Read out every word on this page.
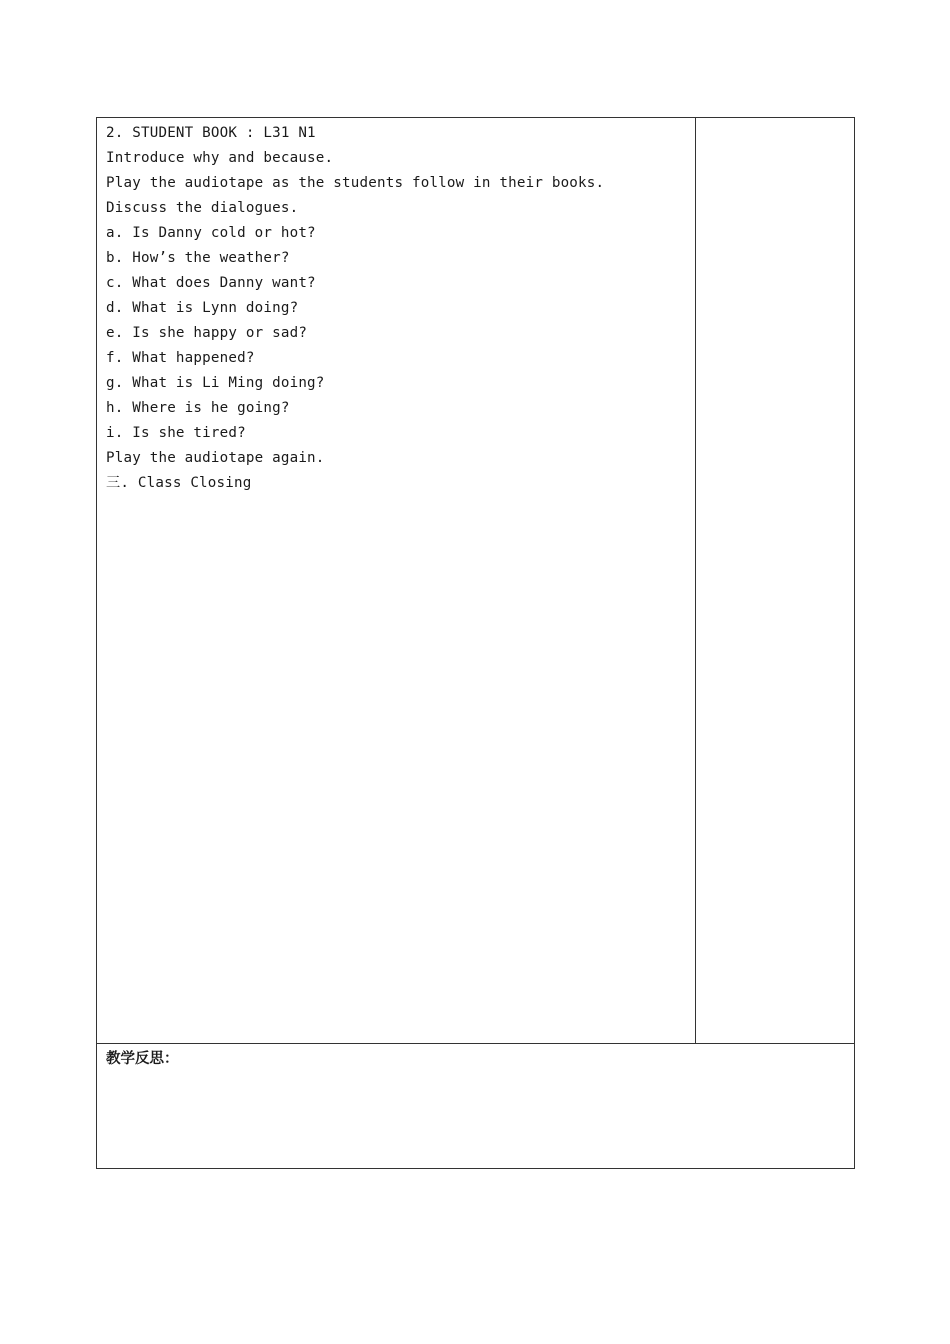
2. STUDENT BOOK : L31 N1
Introduce why and because.
Play the audiotape as the students follow in their books.
Discuss the dialogues.
a. Is Danny cold or hot?
b. How’s the weather?
c. What does Danny want?
d. What is Lynn doing?
e. Is she happy or sad?
f. What happened?
g. What is Li Ming doing?
h. Where is he going?
i. Is she tired?
Play the audiotape again.
三. Class Closing

教学反思：
